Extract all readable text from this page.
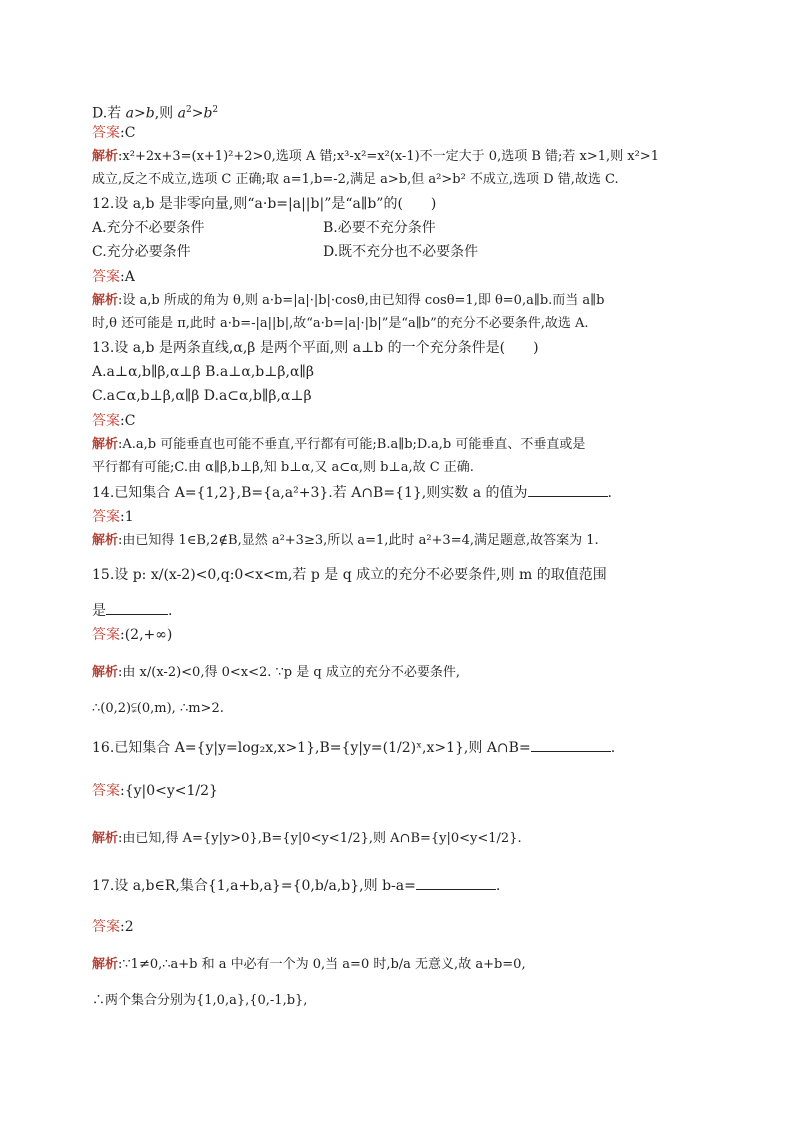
D.若 a>b,则 $a^2>b^2$
答案:C
解析:x²+2x+3=(x+1)²+2>0,选项 A 错;x³-x²=x²(x-1)不一定大于 0,选项 B 错;若 x>1,则 x²>1
成立,反之不成立,选项 C 正确;取 a=1,b=-2,满足 a>b,但 a²>b² 不成立,选项 D 错,故选 C.
12.设 a,b 是非零向量,则“a·b=|a||b|”是“a∥b”的(　　)
A.充分不必要条件	B.必要不充分条件
C.充分必要条件	D.既不充分也不必要条件
答案:A
解析:设 a,b 所成的角为 θ,则 a·b=|a|·|b|·cosθ,由已知得 cosθ=1,即 θ=0,a∥b.而当 a∥b
时,θ 还可能是 π,此时 a·b=-|a||b|,故“a·b=|a|·|b|”是“a∥b”的充分不必要条件,故选 A.
13.设 a,b 是两条直线,α,β 是两个平面,则 a⊥b 的一个充分条件是(　　)
A.a⊥α,b∥β,α⊥β B.a⊥α,b⊥β,α∥β
C.a⊂α,b⊥β,α∥β D.a⊂α,b∥β,α⊥β
答案:C
解析:A.a,b 可能垂直也可能不垂直,平行都有可能;B.a∥b;D.a,b 可能垂直、不垂直或是
平行都有可能;C.由 α∥β,b⊥β,知 b⊥α,又 a⊂α,则 b⊥a,故 C 正确.
14.已知集合 A={1,2},B={a,a²+3}.若 A∩B={1},则实数 a 的值为	.
答案:1
解析:由已知得 1∈B,2∉B,显然 a²+3≥3,所以 a=1,此时 a²+3=4,满足题意,故答案为 1.
15.设 p: x/(x-2)<0,q:0<x<m,若 p 是 q 成立的充分不必要条件,则 m 的取值范围
是	.
答案:(2,+∞)
解析:由 x/(x-2)<0,得 0<x<2. ∵p 是 q 成立的充分不必要条件,
∴(0,2)⫋(0,m), ∴m>2.
16.已知集合 A={y|y=log₂x,x>1},B={y|y=(1/2)ˣ,x>1},则 A∩B=	.
答案:{y|0<y<1/2}
解析:由已知,得 A={y|y>0},B={y|0<y<1/2},则 A∩B={y|0<y<1/2}.
17.设 a,b∈R,集合{1,a+b,a}={0,b/a,b},则 b-a=	.
答案:2
解析:∵1≠0,∴a+b 和 a 中必有一个为 0,当 a=0 时,b/a 无意义,故 a+b=0,
∴两个集合分别为{1,0,a},{0,-1,b},
